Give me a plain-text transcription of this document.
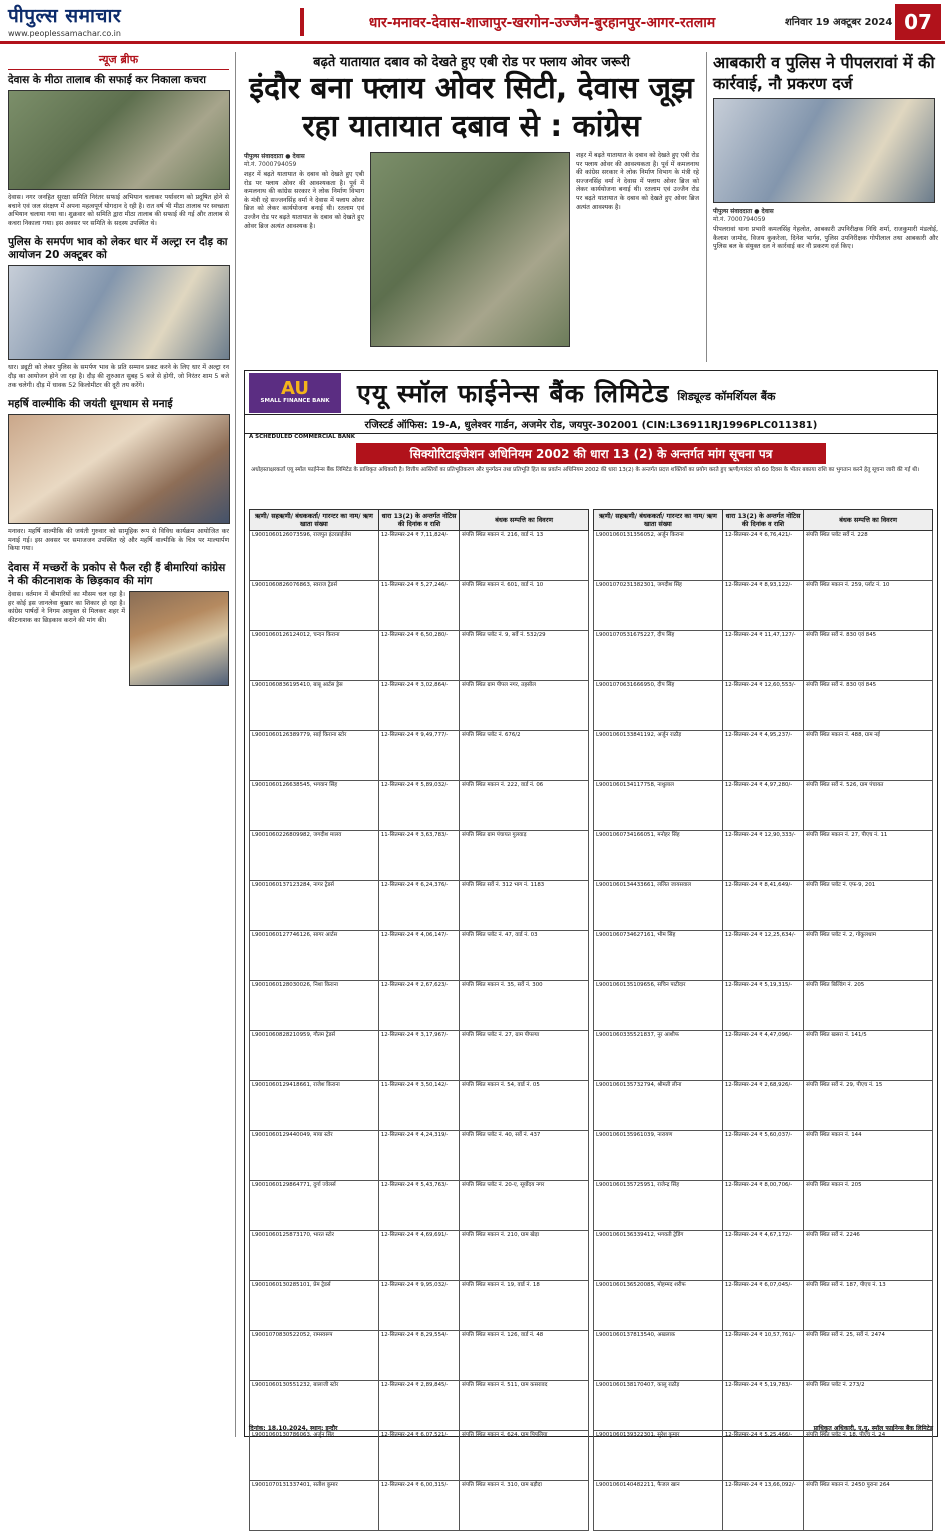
पीपुल्स समाचार
www.peoplessamachar.co.in
धार-मनावर-देवास-शाजापुर-खरगोन-उज्जैन-बुरहानपुर-आगर-रतलाम	शनिवार 19 अक्टूबर 2024 07
न्यूज ब्रीफ
देवास के मीठा तालाब की सफाई कर निकाला कचरा
देवास। नगर जनहित सुरक्षा समिति निरंतर सफाई अभियान चलाकर पर्यावरण को प्रदूषित होने से बचाने एवं जल संरक्षण में अपना महत्वपूर्ण योगदान दे रही है। रात वर्ष भी मीठा तालाब पर स्वच्छता अभियान चलाया गया था। शुक्रवार को समिति द्वारा मीठा तालाब की सफाई की गई और तालाब से कचरा निकाला गया। इस अवसर पर समिति के सदस्य उपस्थित थे।
पुलिस के समर्पण भाव को लेकर धार में अल्ट्रा रन दौड़ का आयोजन 20 अक्टूबर को
धार। ड्यूटी को लेकर पुलिस के समर्पण भाव के प्रति सम्मान प्रकट करने के लिए धार में अल्ट्रा रन दौड़ का आयोजन होने जा रहा है। दौड़ की शुरुआत सुबह 5 बजे से होगी, जो निरंतर शाम 5 बजे तक चलेगी। दौड़ में धावक 52 किलोमीटर की दूरी तय करेंगे।
महर्षि वाल्मीकि की जयंती धूमधाम से मनाई
मनावर। महर्षि वाल्मीकि की जयंती गुरुवार को सामूहिक रूप से विविध कार्यक्रम आयोजित कर मनाई गई। इस अवसर पर समाजजन उपस्थित रहे और महर्षि वाल्मीकि के चित्र पर माल्यार्पण किया गया।
देवास में मच्छरों के प्रकोप से फैल रही हैं बीमारियां कांग्रेस ने की कीटनाशक के छिड़काव की मांग
देवास। वर्तमान में बीमारियों का मौसम चल रहा है। हर कोई इस जानलेवा बुखार का शिकार हो रहा है। कांग्रेस पार्षदों ने निगम आयुक्त से मिलकर शहर में कीटनाशक का छिड़काव कराने की मांग की।
बढ़ते यातायात दबाव को देखते हुए एबी रोड पर फ्लाय ओवर जरूरी
इंदौर बना फ्लाय ओवर सिटी, देवास जूझ रहा यातायात दबाव से : कांग्रेस
पीपुल्स संवाददाता ● देवास
मो.नं. 7000794059
शहर में बढ़ते यातायात के दबाव को देखते हुए एबी रोड पर फ्लाय ओवर की आवश्यकता है। पूर्व में कमलनाथ की कांग्रेस सरकार ने लोक निर्माण विभाग के मंत्री रहे सज्जनसिंह वर्मा ने देवास में फ्लाय ओवर ब्रिज को लेकर कार्ययोजना बनाई थी। रतलाम एवं उज्जैन रोड पर बढ़ते यातायात के दबाव को देखते हुए ओवर ब्रिज अत्यंत आवश्यक है।
शहर में बढ़ते यातायात के दबाव को देखते हुए एबी रोड पर फ्लाय ओवर की आवश्यकता है। पूर्व में कमलनाथ की कांग्रेस सरकार ने लोक निर्माण विभाग के मंत्री रहे सज्जनसिंह वर्मा ने देवास में फ्लाय ओवर ब्रिज को लेकर कार्ययोजना बनाई थी। रतलाम एवं उज्जैन रोड पर बढ़ते यातायात के दबाव को देखते हुए ओवर ब्रिज अत्यंत आवश्यक है।
आबकारी व पुलिस ने पीपलरावां में की कार्रवाई, नौ प्रकरण दर्ज
पीपुल्स संवाददाता ● देवास
मो.नं. 7000794059
पीपलरावां थाना प्रभारी कमलसिंह गेहलोत, आबकारी उपनिरीक्षक निधि शर्मा, राजकुमारी मंडलोई, कैलाश जामोद, विजय कुकरेजा, दिनेश भार्गव, पुलिस उपनिरीक्षक गोपीलाल तथा आबकारी और पुलिस बल के संयुक्त दल ने कार्रवाई कर नौ प्रकरण दर्ज किए।
AU
SMALL FINANCE BANK एयू स्मॉल फाईनेन्स बैंक लिमिटेड शिड्यूल्ड कॉमर्शियल बैंक
रजिस्टर्ड ऑफिस: 19-A, धुलेश्वर गार्डन, अजमेर रोड, जयपुर-302001 (CIN:L36911RJ1996PLC011381)
A SCHEDULED COMMERCIAL BANK
सिक्योरिटाइजेशन अधिनियम 2002 की धारा 13 (2) के अन्तर्गत मांग सूचना पत्र
अधोहस्ताक्षरकर्ता एयू स्मॉल फाईनेन्स बैंक लिमिटेड के प्राधिकृत अधिकारी है। वित्तीय आस्तियों का प्रतिभूतिकरण और पुनर्गठन तथा प्रतिभूति हित का प्रवर्तन अधिनियम 2002 की धारा 13(2) के अन्तर्गत प्रदत्त शक्तियों का प्रयोग करते हुए ऋणी/गारंटर को 60 दिवस के भीतर बकाया राशि का भुगतान करने हेतु सूचना जारी की गई थी।
ऋणी/ सहऋणी/ बंधककर्ता/ गारन्टर का नाम/ ऋण खाता संख्या	धारा 13(2) के अन्तर्गत नोटिस की दिनांक व राशि	बंधक सम्पत्ति का विवरण
L9001060126073596, राजपुत इंटरप्राईजेस	12-सितम्बर-24 ₹ 7,11,824/-	संपत्ति स्थित मकान नं. 216, वार्ड नं. 13
L9001060826076863, स्वराज ट्रेडर्स	11-सितम्बर-24 ₹ 5,27,246/-	संपत्ति स्थित मकान नं. 601, वार्ड नं. 10
L9001060126124012, चन्दन किराना	12-सितम्बर-24 ₹ 6,50,280/-	संपत्ति स्थित प्लॉट नं. 9, सर्वे नं. 532/29
L9001060836195410, बाबू आर्टस ड्रेस	12-सितम्बर-24 ₹ 3,02,864/-	संपत्ति स्थित ग्राम पीपल नगर, तहसील
L9001060126389779, साई किराना स्टोर	12-सितम्बर-24 ₹ 9,49,777/-	संपत्ति स्थित प्लॉट नं. 676/2
L9001060126638545, भगवान सिंह	12-सितम्बर-24 ₹ 5,89,032/-	संपत्ति स्थित मकान नं. 222, वार्ड नं. 06
L9001060226809982, जगदीश मालव	11-सितम्बर-24 ₹ 3,63,783/-	संपत्ति स्थित ग्राम पंचायत गुलवाड़
L9001060137123284, नागर ट्रेडर्स	12-सितम्बर-24 ₹ 6,24,376/-	संपत्ति स्थित सर्वे नं. 312 भाग नं. 1183
L9001060127746126, सागर आर्टस	12-सितम्बर-24 ₹ 4,06,147/-	संपत्ति स्थित प्लॉट नं. 47, वार्ड नं. 03
L9001060128030026, निशा किराना	12-सितम्बर-24 ₹ 2,67,623/-	संपत्ति स्थित मकान नं. 35, सर्वे नं. 300
L9001060828210959, गौतम ट्रेडर्स	12-सितम्बर-24 ₹ 3,17,967/-	संपत्ति स्थित प्लॉट नं. 27, ग्राम पीपल्या
L9001060129418661, राजेश किराना	11-सितम्बर-24 ₹ 3,50,142/-	संपत्ति स्थित मकान नं. 54, वार्ड नं. 05
L9001060129440049, माया स्टोर	12-सितम्बर-24 ₹ 4,24,319/-	संपत्ति स्थित प्लॉट नं. 40, सर्वे नं. 437
L9001060129864771, दुर्गा ज्वेलर्स	12-सितम्बर-24 ₹ 5,43,763/-	संपत्ति स्थित प्लॉट नं. 20-ए, सूर्योदय नगर
L9001060125873170, भारत स्टोर	12-सितम्बर-24 ₹ 4,69,691/-	संपत्ति स्थित मकान नं. 210, ग्राम खेड़ा
L9001060130285101, प्रेम ट्रेडर्स	12-सितम्बर-24 ₹ 9,95,032/-	संपत्ति स्थित मकान नं. 19, वार्ड नं. 18
L9001070830522052, रामस्वरूप	12-सितम्बर-24 ₹ 8,29,554/-	संपत्ति स्थित मकान नं. 126, वार्ड नं. 48
L9001060130551232, बालाजी स्टोर	12-सितम्बर-24 ₹ 2,89,845/-	संपत्ति स्थित मकान नं. 511, ग्राम कसरावद
L9001060130786063, अर्जुन सिंह	12-सितम्बर-24 ₹ 6,07,521/-	संपत्ति स्थित मकान नं. 624, ग्राम पिपलिया
L9001070131337401, सतीश कुमार	12-सितम्बर-24 ₹ 6,00,315/-	संपत्ति स्थित मकान नं. 310, ग्राम बड़ौदा
ऋणी/ सहऋणी/ बंधककर्ता/ गारन्टर का नाम/ ऋण खाता संख्या	धारा 13(2) के अन्तर्गत नोटिस की दिनांक व राशि	बंधक सम्पत्ति का विवरण
L9001060131356052, अर्जुन किराना	12-सितम्बर-24 ₹ 6,76,421/-	संपत्ति स्थित प्लॉट सर्वे नं. 228
L9001070231382301, जगदीश सिंह	12-सितम्बर-24 ₹ 8,93,122/-	संपत्ति स्थित मकान नं. 259, प्लॉट नं. 10
L9001070531675227, दीप सिंह	12-सितम्बर-24 ₹ 11,47,127/-	संपत्ति स्थित सर्वे नं. 830 एवं 845
L9001070631666950, दीप सिंह	12-सितम्बर-24 ₹ 12,60,553/-	संपत्ति स्थित सर्वे नं. 830 एवं 845
L9001060133841192, अर्जुन राठौड़	12-सितम्बर-24 ₹ 4,95,237/-	संपत्ति स्थित मकान नं. 488, ग्राम नई
L9001060134117758, नाथुलाल	12-सितम्बर-24 ₹ 4,97,280/-	संपत्ति स्थित सर्वे नं. 526, ग्राम पंचायत
L9001060734166051, मनोहर सिंह	12-सितम्बर-24 ₹ 12,90,333/-	संपत्ति स्थित मकान नं. 27, पीएच नं. 11
L9001060134433661, ललित जायसवाल	12-सितम्बर-24 ₹ 8,41,649/-	संपत्ति स्थित प्लॉट नं. एफ-9, 201
L9001060734627161, भीम सिंह	12-सितम्बर-24 ₹ 12,25,634/-	संपत्ति स्थित प्लॉट नं. 2, गोकुलधाम
L9001060135109656, सचिन पाटीदार	12-सितम्बर-24 ₹ 5,19,315/-	संपत्ति स्थित बिल्डिंग नं. 205
L9001060335521837, नूर आशीफ	12-सितम्बर-24 ₹ 4,47,096/-	संपत्ति स्थित खसरा नं. 141/5
L9001060135732794, श्रीमती लीना	12-सितम्बर-24 ₹ 2,68,926/-	संपत्ति स्थित सर्वे नं. 29, पीएच नं. 15
L9001060135961039, नारायण	12-सितम्बर-24 ₹ 5,60,037/-	संपत्ति स्थित मकान नं. 144
L9001060135725951, राजेन्द्र सिंह	12-सितम्बर-24 ₹ 8,00,706/-	संपत्ति स्थित मकान नं. 205
L9001060136339412, भगवती ट्रेडिंग	12-सितम्बर-24 ₹ 4,67,172/-	संपत्ति स्थित सर्वे नं. 2246
L9001060136520085, मोहम्मद शरीफ	12-सितम्बर-24 ₹ 6,07,045/-	संपत्ति स्थित सर्वे नं. 187, पीएच नं. 13
L9001060137813540, अखलाक	12-सितम्बर-24 ₹ 10,57,761/-	संपत्ति स्थित सर्वे नं. 25, सर्वे नं. 2474
L9001060138170407, कालू राठौड़	12-सितम्बर-24 ₹ 5,19,783/-	संपत्ति स्थित प्लॉट नं. 273/2
L9001060139322301, सुरेश कुमार	12-सितम्बर-24 ₹ 5,25,466/-	संपत्ति स्थित प्लॉट नं. 18, पीएच नं. 24
L9001060140482211, फैजल खान	12-सितम्बर-24 ₹ 13,66,092/-	संपत्ति स्थित मकान नं. 2450 पुराना 264
दिनांक: 18.10.2024, स्थान: इन्दौर	प्राधिकृत अधिकारी, ए.यू. स्मॉल फाईनेन्स बैंक लिमिटेड
